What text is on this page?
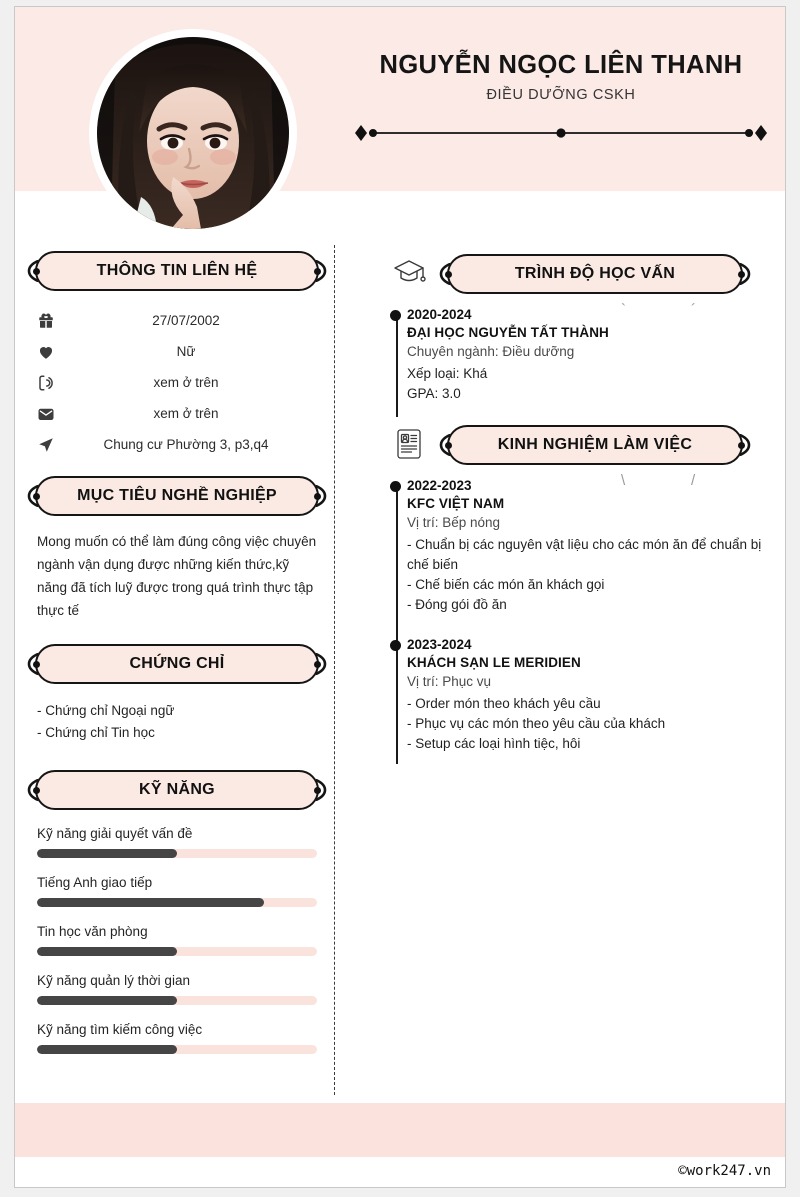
NGUYỄN NGỌC LIÊN THANH
ĐIỀU DƯỠNG CSKH
THÔNG TIN LIÊN HỆ
27/07/2002
Nữ
xem ở trên
xem ở trên
Chung cư Phường 3, p3,q4
MỤC TIÊU NGHỀ NGHIỆP
Mong muốn có thể làm đúng công việc chuyên ngành vận dụng được những kiến thức,kỹ năng đã tích luỹ được trong quá trình thực tập thực tế
CHỨNG CHỈ
- Chứng chỉ Ngoại ngữ
- Chứng chỉ Tin học
KỸ NĂNG
Kỹ năng giải quyết vấn đề
Tiếng Anh giao tiếp
Tin học văn phòng
Kỹ năng quản lý thời gian
Kỹ năng tìm kiếm công việc
TRÌNH ĐỘ HỌC VẤN
`	´
2020-2024
ĐẠI HỌC NGUYỄN TẤT THÀNH
Chuyên ngành: Điều dưỡng
Xếp loại: Khá
GPA: 3.0
KINH NGHIỆM LÀM VIỆC
\	/
2022-2023
KFC VIỆT NAM
Vị trí: Bếp nóng
- Chuẩn bị các nguyên vật liệu cho các món ăn để chuẩn bị chế biến
- Chế biến các món ăn khách gọi
- Đóng gói đồ ăn
2023-2024
KHÁCH SẠN LE MERIDIEN
Vị trí: Phục vụ
- Order món theo khách yêu cầu
- Phục vụ các món theo yêu cầu của khách
- Setup các loại hình tiệc, hôi
©work247.vn
